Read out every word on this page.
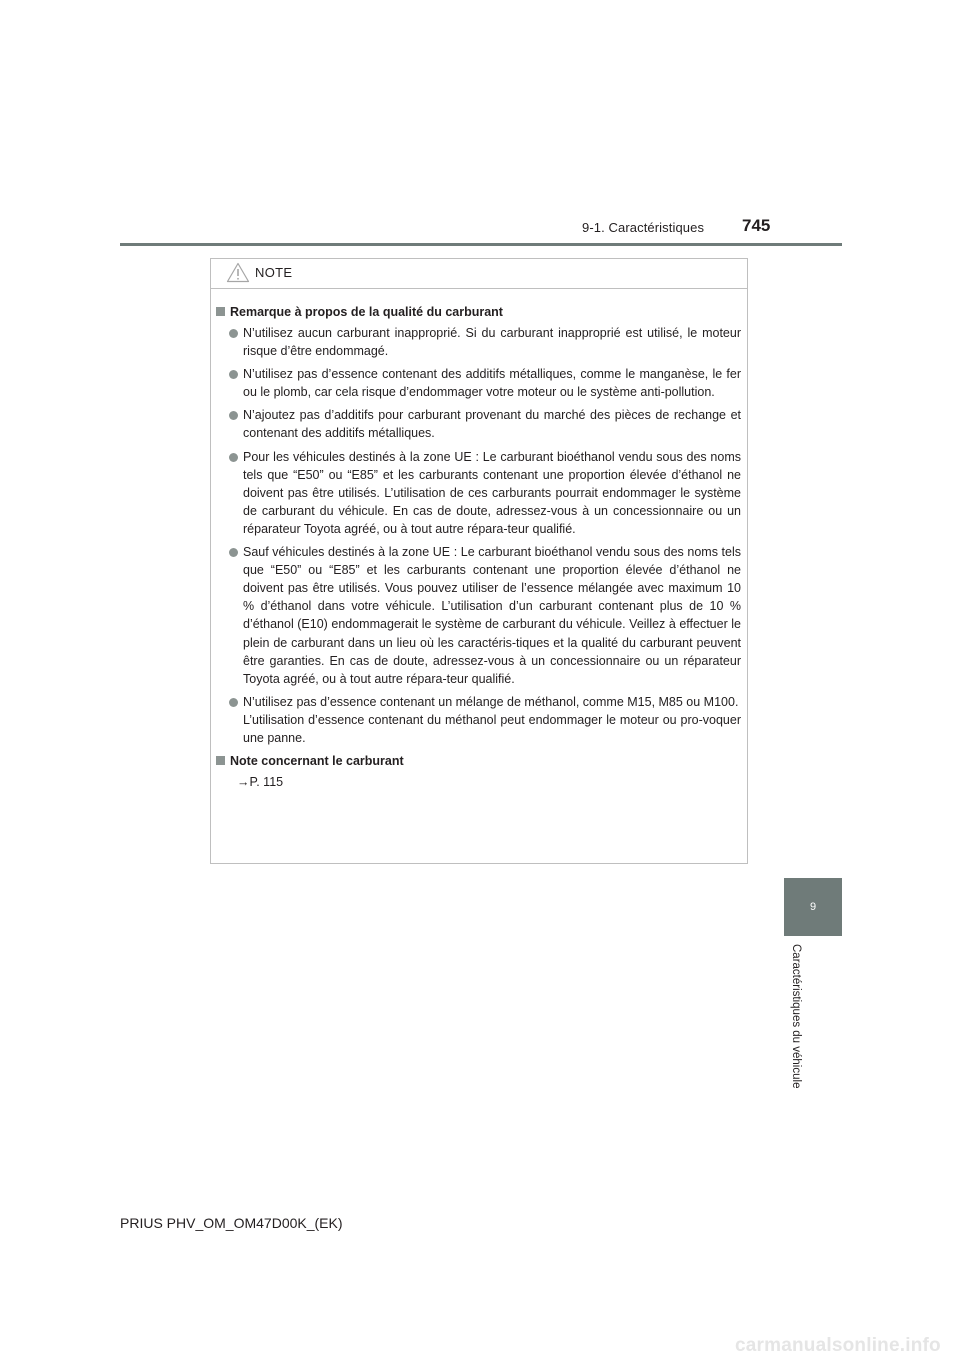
9-1. Caractéristiques 745
NOTE
Remarque à propos de la qualité du carburant

N’utilisez aucun carburant inapproprié. Si du carburant inapproprié est utilisé, le moteur risque d’être endommagé.

N’utilisez pas d’essence contenant des additifs métalliques, comme le manganèse, le fer ou le plomb, car cela risque d’endommager votre moteur ou le système anti-pollution.

N’ajoutez pas d’additifs pour carburant provenant du marché des pièces de rechange et contenant des additifs métalliques.

Pour les véhicules destinés à la zone UE : Le carburant bioéthanol vendu sous des noms tels que “E50” ou “E85” et les carburants contenant une proportion élevée d’éthanol ne doivent pas être utilisés. L’utilisation de ces carburants pourrait endommager le système de carburant du véhicule. En cas de doute, adressez-vous à un concessionnaire ou un réparateur Toyota agréé, ou à tout autre répara-teur qualifié.

Sauf véhicules destinés à la zone UE : Le carburant bioéthanol vendu sous des noms tels que “E50” ou “E85” et les carburants contenant une proportion élevée d’éthanol ne doivent pas être utilisés. Vous pouvez utiliser de l’essence mélangée avec maximum 10 % d’éthanol dans votre véhicule. L’utilisation d’un carburant contenant plus de 10 % d’éthanol (E10) endommagerait le système de carburant du véhicule. Veillez à effectuer le plein de carburant dans un lieu où les caractéris-tiques et la qualité du carburant peuvent être garanties. En cas de doute, adressez-vous à un concessionnaire ou un réparateur Toyota agréé, ou à tout autre répara-teur qualifié.

N’utilisez pas d’essence contenant un mélange de méthanol, comme M15, M85 ou M100.

L’utilisation d’essence contenant du méthanol peut endommager le moteur ou pro-voquer une panne.

Note concernant le carburant
→P. 115
9
Caractéristiques du véhicule
PRIUS PHV_OM_OM47D00K_(EK)
carmanualsonline.info
